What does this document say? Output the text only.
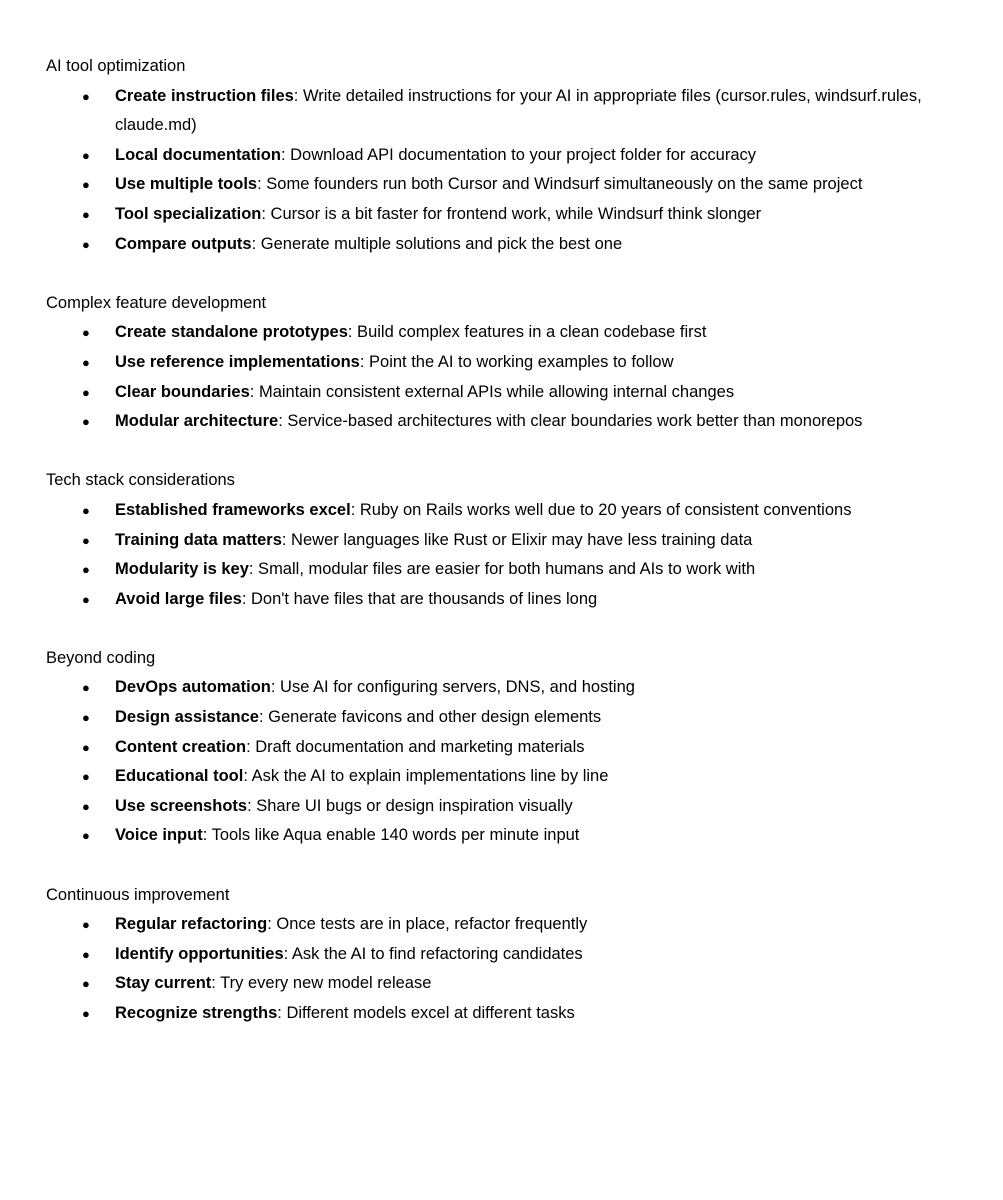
AI tool optimization
● Create instruction files: Write detailed instructions for your AI in appropriate files (cursor.rules, windsurf.rules, claude.md)
● Local documentation: Download API documentation to your project folder for accuracy
● Use multiple tools: Some founders run both Cursor and Windsurf simultaneously on the same project
● Tool specialization: Cursor is a bit faster for frontend work, while Windsurf think slonger
● Compare outputs: Generate multiple solutions and pick the best one
Complex feature development
● Create standalone prototypes: Build complex features in a clean codebase first
● Use reference implementations: Point the AI to working examples to follow
● Clear boundaries: Maintain consistent external APIs while allowing internal changes
● Modular architecture: Service-based architectures with clear boundaries work better than monorepos
Tech stack considerations
● Established frameworks excel: Ruby on Rails works well due to 20 years of consistent conventions
● Training data matters: Newer languages like Rust or Elixir may have less training data
● Modularity is key: Small, modular files are easier for both humans and AIs to work with
● Avoid large files: Don't have files that are thousands of lines long
Beyond coding
● DevOps automation: Use AI for configuring servers, DNS, and hosting
● Design assistance: Generate favicons and other design elements
● Content creation: Draft documentation and marketing materials
● Educational tool: Ask the AI to explain implementations line by line
● Use screenshots: Share UI bugs or design inspiration visually
● Voice input: Tools like Aqua enable 140 words per minute input
Continuous improvement
● Regular refactoring: Once tests are in place, refactor frequently
● Identify opportunities: Ask the AI to find refactoring candidates
● Stay current: Try every new model release
● Recognize strengths: Different models excel at different tasks
